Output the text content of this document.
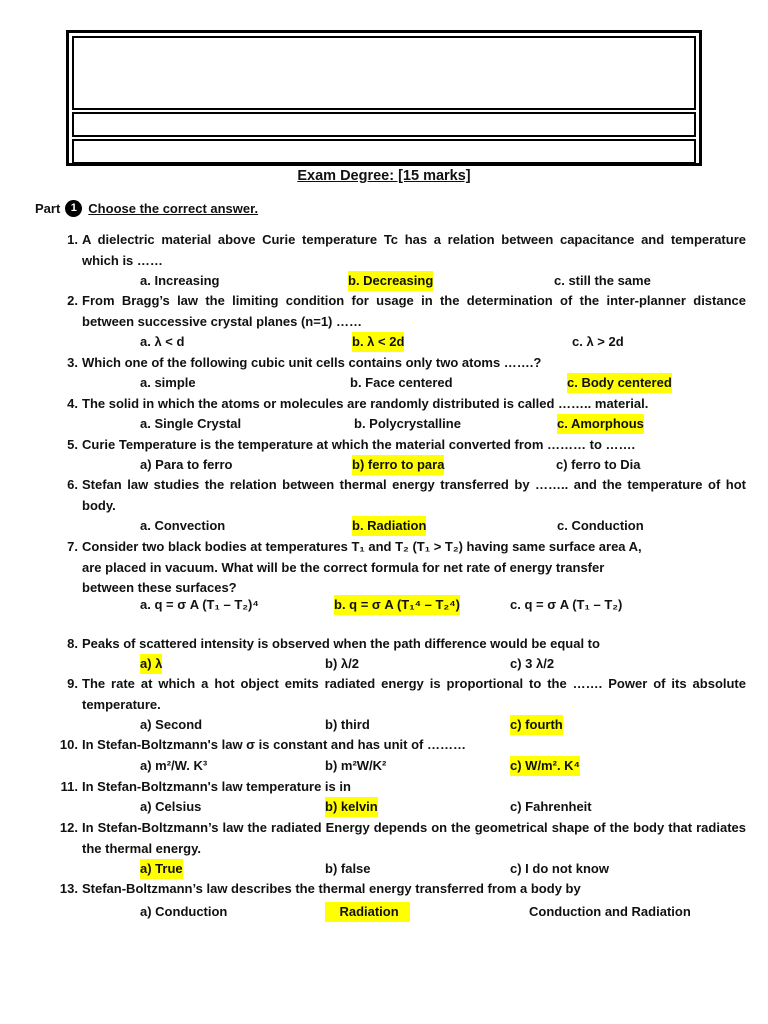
Exam Degree: [15 marks]
Part 1 Choose the correct answer.
1. A dielectric material above Curie temperature Tc has a relation between capacitance and temperature which is ……
a. Increasing	b. Decreasing	c. still the same
2. From Bragg’s law the limiting condition for usage in the determination of the inter-planner distance between successive crystal planes (n=1) ……
a. λ < d	b. λ < 2d	c. λ > 2d
3. Which one of the following cubic unit cells contains only two atoms …….?
a. simple	b. Face centered	c. Body centered
4. The solid in which the atoms or molecules are randomly distributed is called …….. material.
a. Single Crystal	b. Polycrystalline	c. Amorphous
5. Curie Temperature is the temperature at which the material converted from ……… to …….
a) Para to ferro	b) ferro to para	c) ferro to Dia
6. Stefan law studies the relation between thermal energy transferred by …….. and the temperature of hot body.
a. Convection	b. Radiation	c. Conduction
7. Consider two black bodies at temperatures T₁ and T₂ (T₁ > T₂) having same surface area A,
are placed in vacuum. What will be the correct formula for net rate of energy transfer
between these surfaces?
a. q = σ A (T₁ – T₂)⁴	b. q = σ A (T₁⁴ – T₂⁴)	c. q = σ A (T₁ – T₂)
8. Peaks of scattered intensity is observed when the path difference would be equal to
a) λ	b) λ/2	c) 3 λ/2
9. The rate at which a hot object emits radiated energy is proportional to the ……. Power of its absolute temperature.
a) Second	b) third	c) fourth
10. In Stefan-Boltzmann's law σ is constant and has unit of ………
a) m²/W. K³	b) m²W/K²	c) W/m². K⁴
11. In Stefan-Boltzmann's law temperature is in
a) Celsius	b) kelvin	c) Fahrenheit
12. In Stefan-Boltzmann’s law the radiated Energy depends on the geometrical shape of the body that radiates the thermal energy.
a) True	b) false	c) I do not know
13. Stefan-Boltzmann’s law describes the thermal energy transferred from a body by
a) Conduction	Radiation	Conduction and Radiation
